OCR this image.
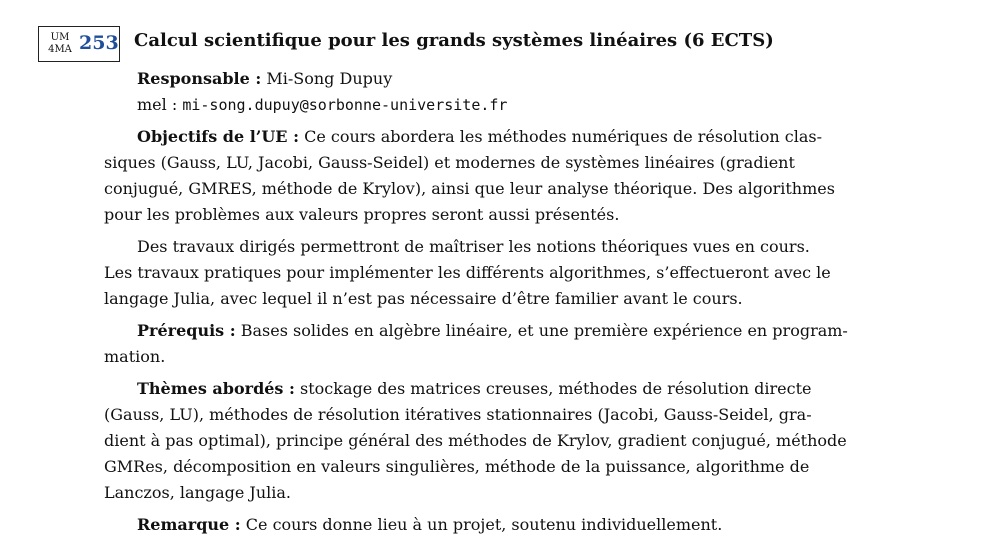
UM
4MA 253 Calcul scientifique pour les grands systèmes linéaires (6 ECTS)
Responsable : Mi-Song Dupuy
mel : mi-song.dupuy@sorbonne-universite.fr
Objectifs de l’UE : Ce cours abordera les méthodes numériques de résolution clas-
siques (Gauss, LU, Jacobi, Gauss-Seidel) et modernes de systèmes linéaires (gradient
conjugué, GMRES, méthode de Krylov), ainsi que leur analyse théorique. Des algorithmes
pour les problèmes aux valeurs propres seront aussi présentés.
Des travaux dirigés permettront de maîtriser les notions théoriques vues en cours.
Les travaux pratiques pour implémenter les différents algorithmes, s’effectueront avec le
langage Julia, avec lequel il n’est pas nécessaire d’être familier avant le cours.
Prérequis : Bases solides en algèbre linéaire, et une première expérience en program-
mation.
Thèmes abordés : stockage des matrices creuses, méthodes de résolution directe
(Gauss, LU), méthodes de résolution itératives stationnaires (Jacobi, Gauss-Seidel, gra-
dient à pas optimal), principe général des méthodes de Krylov, gradient conjugué, méthode
GMRes, décomposition en valeurs singulières, méthode de la puissance, algorithme de
Lanczos, langage Julia.
Remarque : Ce cours donne lieu à un projet, soutenu individuellement.
